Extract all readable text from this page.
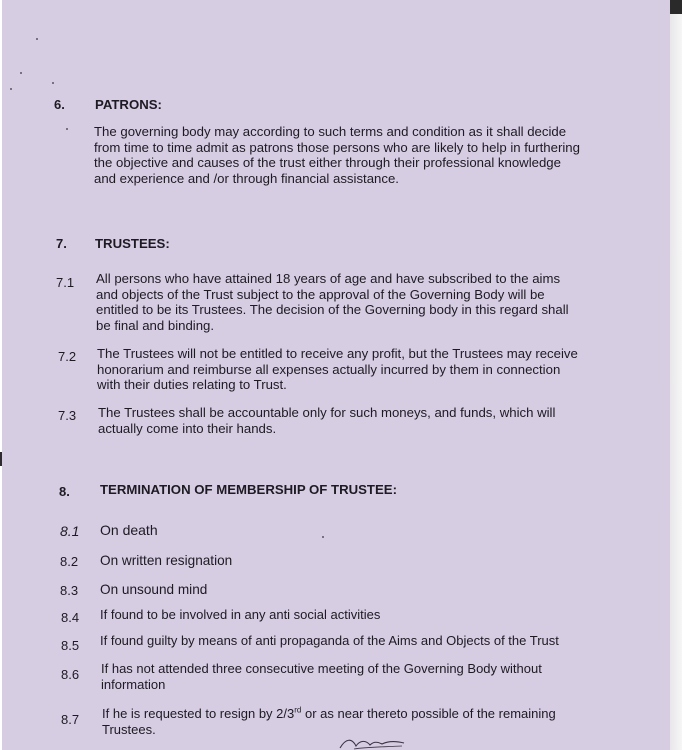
6. PATRONS:
The governing body may according to such terms and condition as it shall decide
from time to time admit as patrons those persons who are likely to help in furthering
the objective and causes of the trust either through their professional knowledge
and experience and /or through financial assistance.
7. TRUSTEES:
7.1 All persons who have attained 18 years of age and have subscribed to the aims
and objects of the Trust subject to the approval of the Governing Body will be
entitled to be its Trustees. The decision of the Governing body in this regard shall
be final and binding.
7.2 The Trustees will not be entitled to receive any profit, but the Trustees may receive
honorarium and reimburse all expenses actually incurred by them in connection
with their duties relating to Trust.
7.3 The Trustees shall be accountable only for such moneys, and funds, which will
actually come into their hands.
8. TERMINATION OF MEMBERSHIP OF TRUSTEE:
8.1 On death
8.2 On written resignation
8.3 On unsound mind
8.4 If found to be involved in any anti social activities
8.5 If found guilty by means of anti propaganda of the Aims and Objects of the Trust
8.6 If has not attended three consecutive meeting of the Governing Body without
information
8.7 If he is requested to resign by 2/3rd or as near thereto possible of the remaining
Trustees.
